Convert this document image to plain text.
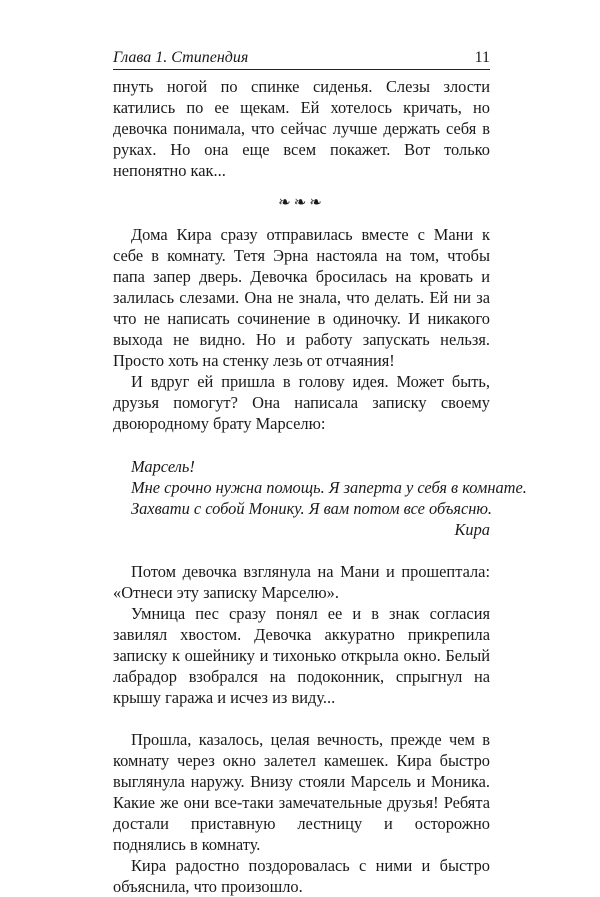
Глава 1. Стипендия	11

пнуть ногой по спинке сиденья. Слезы злости катились по ее щекам. Ей хотелось кричать, но девочка понимала, что сейчас лучше держать себя в руках. Но она еще всем покажет. Вот только непонятно как...

❧❧❧

Дома Кира сразу отправилась вместе с Мани к себе в комнату. Тетя Эрна настояла на том, чтобы папа запер дверь. Девочка бросилась на кровать и залилась слезами. Она не знала, что делать. Ей ни за что не написать сочинение в одиночку. И никакого выхода не видно. Но и работу запускать нельзя. Просто хоть на стенку лезь от отчаяния!

И вдруг ей пришла в голову идея. Может быть, друзья помогут? Она написала записку своему двоюродному брату Марселю:

Марсель!
Мне срочно нужна помощь. Я заперта у себя в комнате.
Захвати с собой Монику. Я вам потом все объясню.
Кира

Потом девочка взглянула на Мани и прошептала: «Отнеси эту записку Марселю».

Умница пес сразу понял ее и в знак согласия завилял хвостом. Девочка аккуратно прикрепила записку к ошейнику и тихонько открыла окно. Белый лабрадор взобрался на подоконник, спрыгнул на крышу гаража и исчез из виду...

Прошла, казалось, целая вечность, прежде чем в комнату через окно залетел камешек. Кира быстро выглянула наружу. Внизу стояли Марсель и Моника. Какие же они все-таки замечательные друзья! Ребята достали приставную лестницу и осторожно поднялись в комнату.

Кира радостно поздоровалась с ними и быстро объяснила, что произошло.
